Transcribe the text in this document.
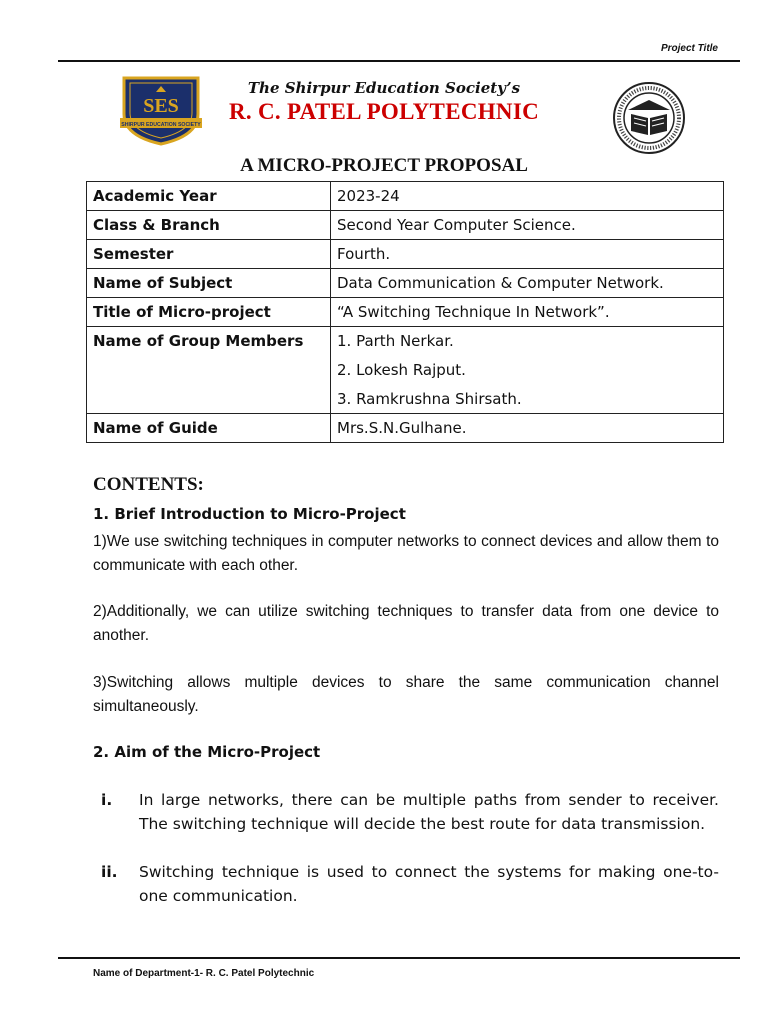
Project Title
SES
SHIRPUR EDUCATION SOCIETY
The Shirpur Education Society’s
R. C. PATEL POLYTECHNIC
A MICRO-PROJECT PROPOSAL
Academic Year	2023-24

Class & Branch	Second Year Computer Science.

Semester	Fourth.

Name of Subject	Data Communication & Computer Network.

Title of Micro-project	“A Switching Technique In Network”.

Name of Group Members	1. Parth Nerkar.
2. Lokesh Rajput.
3. Ramkrushna Shirsath.

Name of Guide	Mrs.S.N.Gulhane.
CONTENTS:
1. Brief Introduction to Micro-Project
1)We use switching techniques in computer networks to connect devices and allow them to communicate with each other.
2)Additionally, we can utilize switching techniques to transfer data from one device to another.
3)Switching allows multiple devices to share the same communication channel simultaneously.
2. Aim of the Micro-Project
i.	In large networks, there can be multiple paths from sender to receiver. The switching technique will decide the best route for data transmission.
ii.	Switching technique is used to connect the systems for making one-to-one communication.
Name of Department-1- R. C. Patel Polytechnic
